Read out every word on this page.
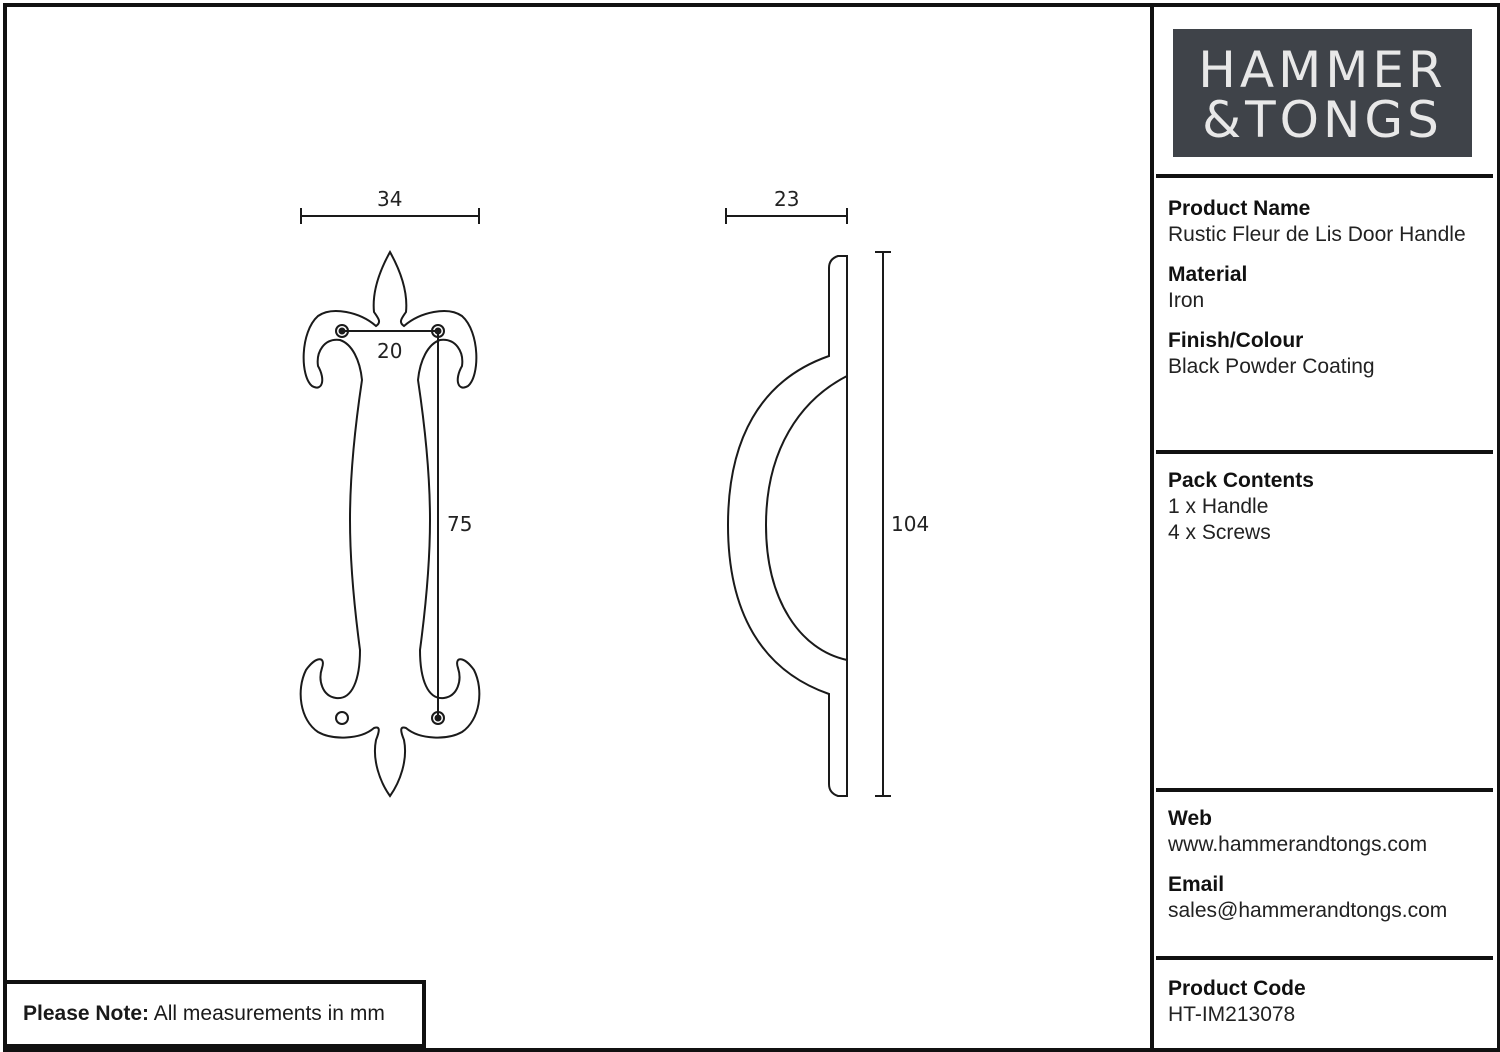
HAMMER
&TONGS
Product Name
Rustic Fleur de Lis Door Handle
Material
Iron
Finish/Colour
Black Powder Coating
Pack Contents
1 x Handle
4 x Screws
Web
www.hammerandtongs.com
Email
sales@hammerandtongs.com
Product Code
HT-IM213078
Please Note: All measurements in mm
34
20
75
23
104
